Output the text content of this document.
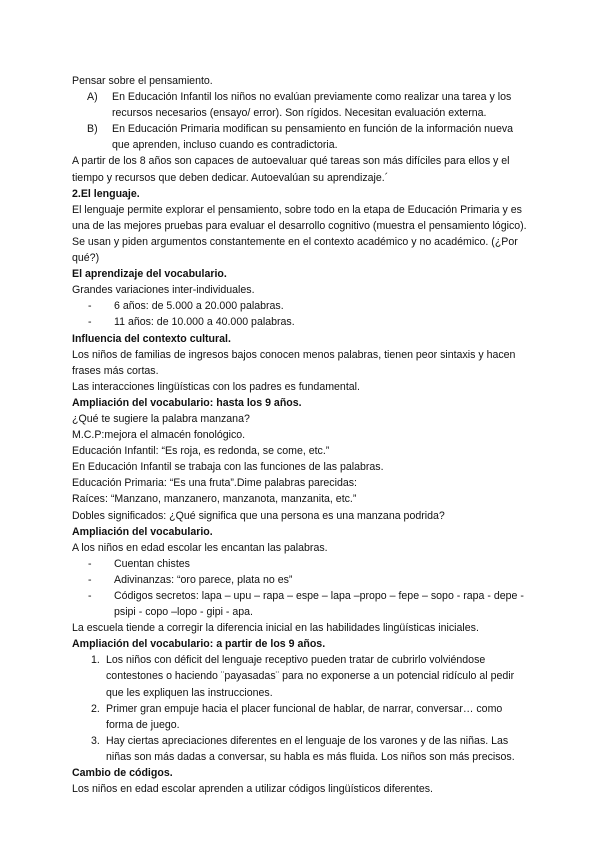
Pensar sobre el pensamiento.

A)	En Educación Infantil los niños no evalúan previamente como realizar una tarea y los recursos necesarios (ensayo/ error). Son rígidos. Necesitan evaluación externa.
B)	En Educación Primaria modifican su pensamiento en función de la información nueva que aprenden, incluso cuando es contradictoria.

A partir de los 8 años son capaces de autoevaluar qué tareas son más difíciles para ellos y el tiempo y recursos que deben dedicar. Autoevalúan su aprendizaje.´

2.El lenguaje.

El lenguaje permite explorar el pensamiento, sobre todo en la etapa de Educación Primaria y es una de las mejores pruebas para evaluar el desarrollo cognitivo (muestra el pensamiento lógico).

Se usan y piden argumentos constantemente en el contexto académico y no académico. (¿Por qué?)

El aprendizaje del vocabulario.

Grandes variaciones inter-individuales.

-	6 años: de 5.000 a 20.000 palabras.
-	11 años: de 10.000 a 40.000 palabras.

Influencia del contexto cultural.

Los niños de familias de ingresos bajos conocen menos palabras, tienen peor sintaxis y hacen frases más cortas.

Las interacciones lingüísticas con los padres es fundamental.

Ampliación del vocabulario: hasta los 9 años.

¿Qué te sugiere la palabra manzana?

M.C.P:mejora el almacén fonológico.

Educación Infantil: “Es roja, es redonda, se come, etc.”

En Educación Infantil se trabaja con las funciones de las palabras.

Educación Primaria: “Es una fruta”.Dime palabras parecidas:

Raíces: “Manzano, manzanero, manzanota, manzanita, etc.”

Dobles significados: ¿Qué significa que una persona es una manzana podrida?

Ampliación del vocabulario.

A los niños en edad escolar les encantan las palabras.

-	Cuentan chistes
-	Adivinanzas: “oro parece, plata no es”
-	Códigos secretos: lapa – upu – rapa – espe – lapa –propo – fepe – sopo - rapa - depe - psipi - copo –lopo - gipi - apa.

La escuela tiende a corregir la diferencia inicial en las habilidades lingüísticas iniciales.

Ampliación del vocabulario: a partir de los 9 años.

1. Los niños con déficit del lenguaje receptivo pueden tratar de cubrirlo volviéndose contestones o haciendo ¨payasadas¨ para no exponerse a un potencial ridículo al pedir que les expliquen las instrucciones.
2. Primer gran empuje hacia el placer funcional de hablar, de narrar, conversar… como forma de juego.
3. Hay ciertas apreciaciones diferentes en el lenguaje de los varones y de las niñas. Las niñas son más dadas a conversar, su habla es más fluida. Los niños son más precisos.

Cambio de códigos.

Los niños en edad escolar aprenden a utilizar códigos lingüísticos diferentes.
